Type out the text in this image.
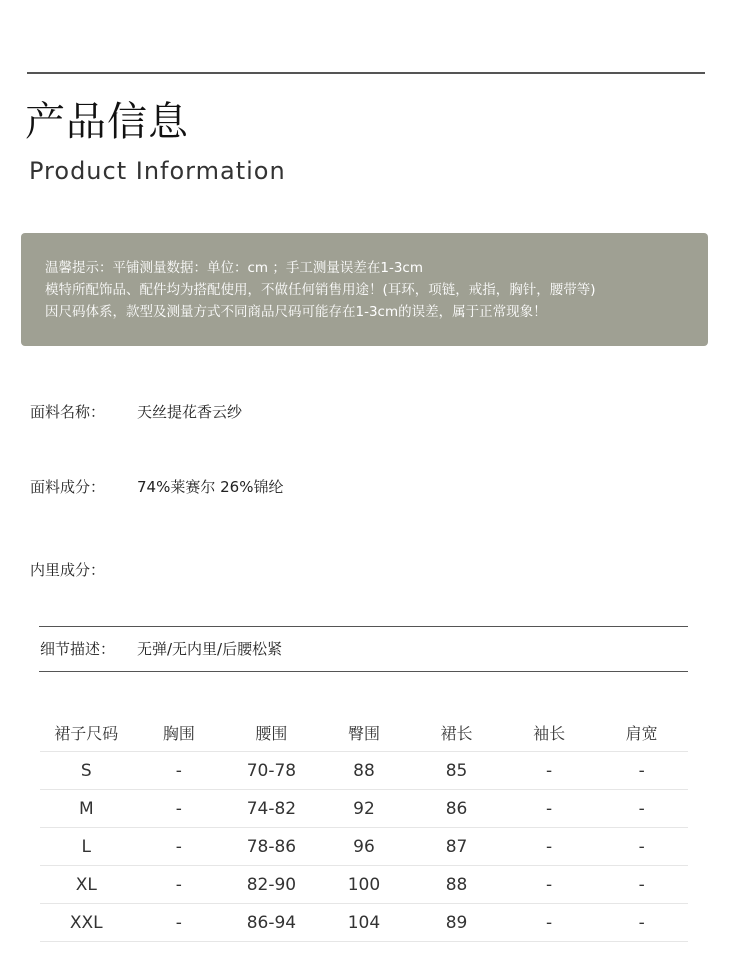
产品信息
Product Information
温馨提示：平铺测量数据：单位：cm ；手工测量误差在1-3cm
模特所配饰品、配件均为搭配使用，不做任何销售用途！(耳环，项链，戒指，胸针，腰带等)
因尺码体系，款型及测量方式不同商品尺码可能存在1-3cm的误差，属于正常现象！
面料名称： 天丝提花香云纱
面料成分： 74%莱赛尔 26%锦纶
内里成分：
细节描述： 无弹/无内里/后腰松紧
裙子尺码	胸围	腰围	臀围	裙长	袖长	肩宽
S	-	70-78	88	85	-	-
M	-	74-82	92	86	-	-
L	-	78-86	96	87	-	-
XL	-	82-90	100	88	-	-
XXL	-	86-94	104	89	-	-
